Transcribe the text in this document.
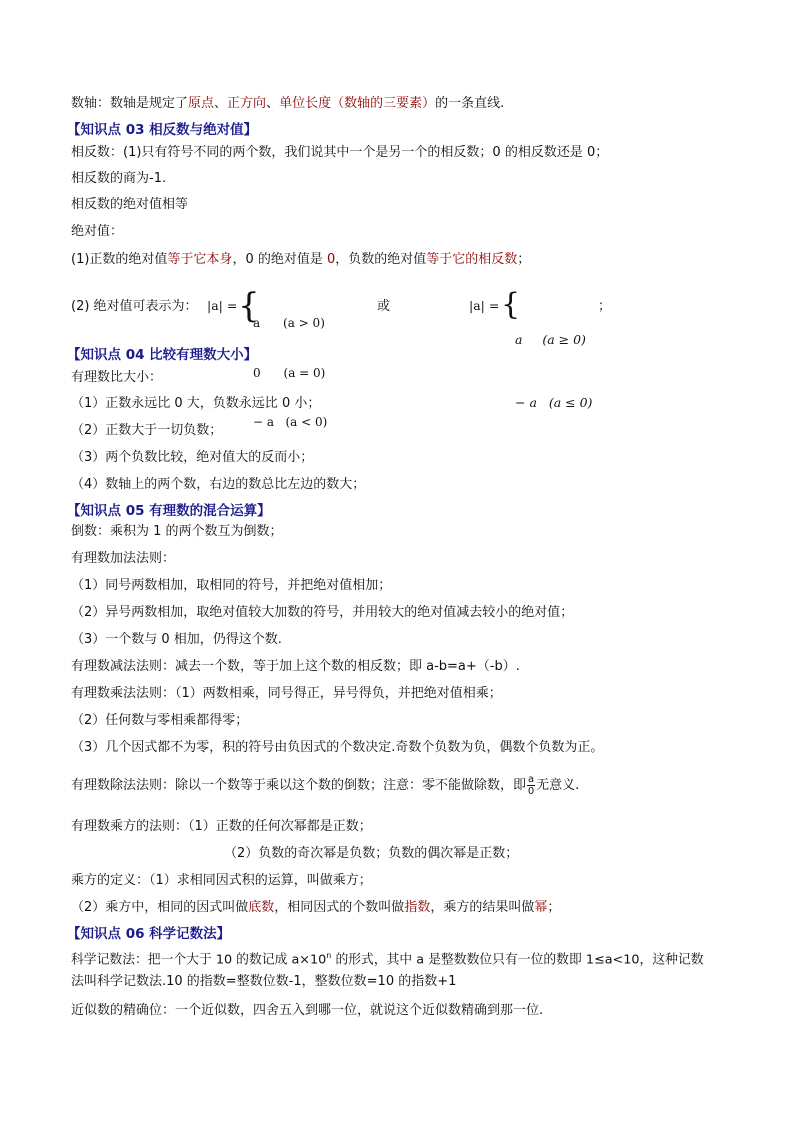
数轴：数轴是规定了原点、正方向、单位长度（数轴的三要素）的一条直线.
【知识点 03 相反数与绝对值】
相反数：(1)只有符号不同的两个数，我们说其中一个是另一个的相反数；0 的相反数还是 0；
相反数的商为-1.
相反数的绝对值相等
绝对值：
(1)正数的绝对值等于它本身，0 的绝对值是 0，负数的绝对值等于它的相反数；
(2) 绝对值可表示为： |a| = {

a      (a > 0)

0      (a = 0)

− a   (a < 0)

或	|a| = {

a     (a ≥ 0)

− a   (a ≤ 0)

；
【知识点 04 比较有理数大小】
有理数比大小：
（1）正数永远比 0 大，负数永远比 0 小；
（2）正数大于一切负数；
（3）两个负数比较，绝对值大的反而小；
（4）数轴上的两个数，右边的数总比左边的数大；
【知识点 05 有理数的混合运算】
倒数：乘积为 1 的两个数互为倒数；
有理数加法法则：
（1）同号两数相加，取相同的符号，并把绝对值相加；
（2）异号两数相加，取绝对值较大加数的符号，并用较大的绝对值减去较小的绝对值；
（3）一个数与 0 相加，仍得这个数.
有理数减法法则：减去一个数，等于加上这个数的相反数；即 a-b=a+（-b）.
有理数乘法法则：（1）两数相乘，同号得正，异号得负，并把绝对值相乘；
（2）任何数与零相乘都得零；
（3）几个因式都不为零，积的符号由负因式的个数决定.奇数个负数为负，偶数个负数为正。
有理数除法法则：除以一个数等于乘以这个数的倒数；注意：零不能做除数，即 $\frac{a}{0}$ 无意义.
有理数乘方的法则：（1）正数的任何次幂都是正数；
（2）负数的奇次幂是负数；负数的偶次幂是正数；
乘方的定义：（1）求相同因式积的运算，叫做乘方；
（2）乘方中，相同的因式叫做底数，相同因式的个数叫做指数，乘方的结果叫做幂；
【知识点 06 科学记数法】
科学记数法：把一个大于 10 的数记成 $a\times 10^n$ 的形式，其中 a 是整数数位只有一位的数即 1≤a<10，这种记数
法叫科学记数法.10 的指数=整数位数-1，整数位数=10 的指数+1
近似数的精确位：一个近似数，四舍五入到哪一位，就说这个近似数精确到那一位.
